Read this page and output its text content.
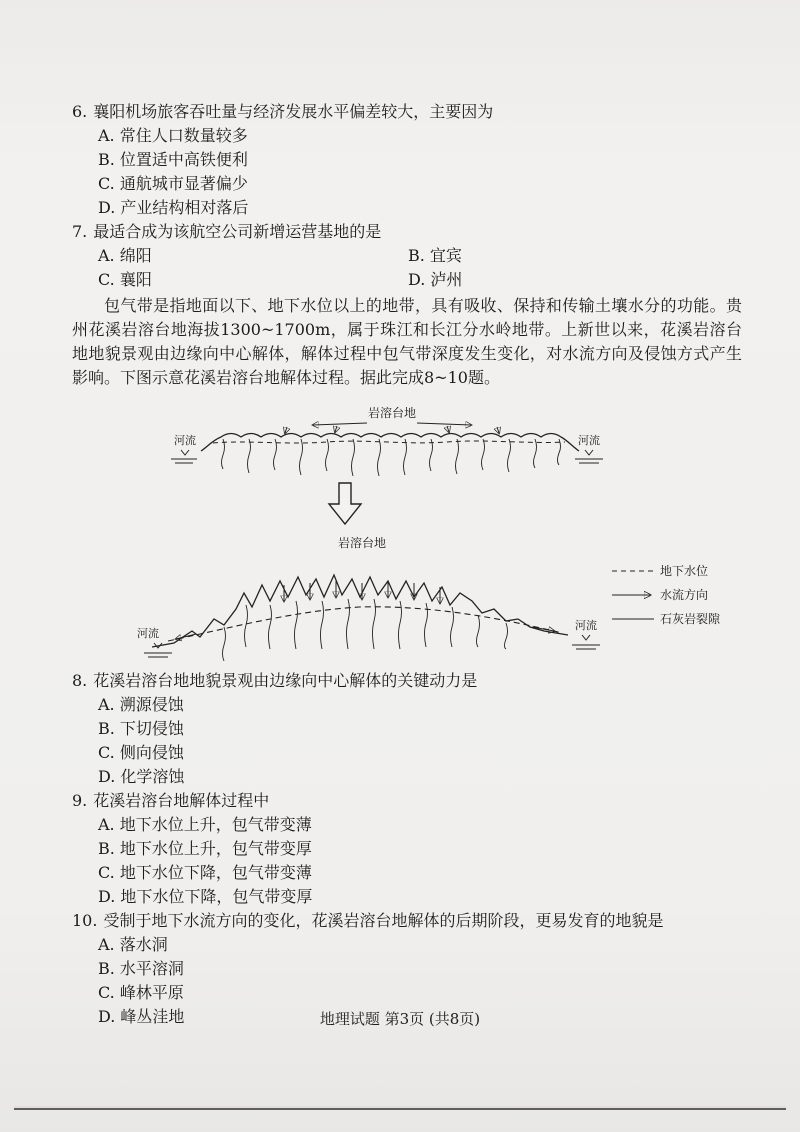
6. 襄阳机场旅客吞吐量与经济发展水平偏差较大，主要因为
A. 常住人口数量较多
B. 位置适中高铁便利
C. 通航城市显著偏少
D. 产业结构相对落后
7. 最适合成为该航空公司新增运营基地的是
A. 绵阳	B. 宜宾
C. 襄阳	D. 泸州

包气带是指地面以下、地下水位以上的地带，具有吸收、保持和传输土壤水分的功能。贵州花溪岩溶台地海拔1300~1700m，属于珠江和长江分水岭地带。上新世以来，花溪岩溶台地地貌景观由边缘向中心解体，解体过程中包气带深度发生变化，对水流方向及侵蚀方式产生影响。下图示意花溪岩溶台地解体过程。据此完成8~10题。

岩溶台地
河流	河流
岩溶台地
河流
河流
地下水位
水流方向
石灰岩裂隙
8. 花溪岩溶台地地貌景观由边缘向中心解体的关键动力是
A. 溯源侵蚀
B. 下切侵蚀
C. 侧向侵蚀
D. 化学溶蚀
9. 花溪岩溶台地解体过程中
A. 地下水位上升，包气带变薄
B. 地下水位上升，包气带变厚
C. 地下水位下降，包气带变薄
D. 地下水位下降，包气带变厚
10. 受制于地下水流方向的变化，花溪岩溶台地解体的后期阶段，更易发育的地貌是
A. 落水洞
B. 水平溶洞
C. 峰林平原
D. 峰丛洼地	地理试题 第3页 (共8页)
